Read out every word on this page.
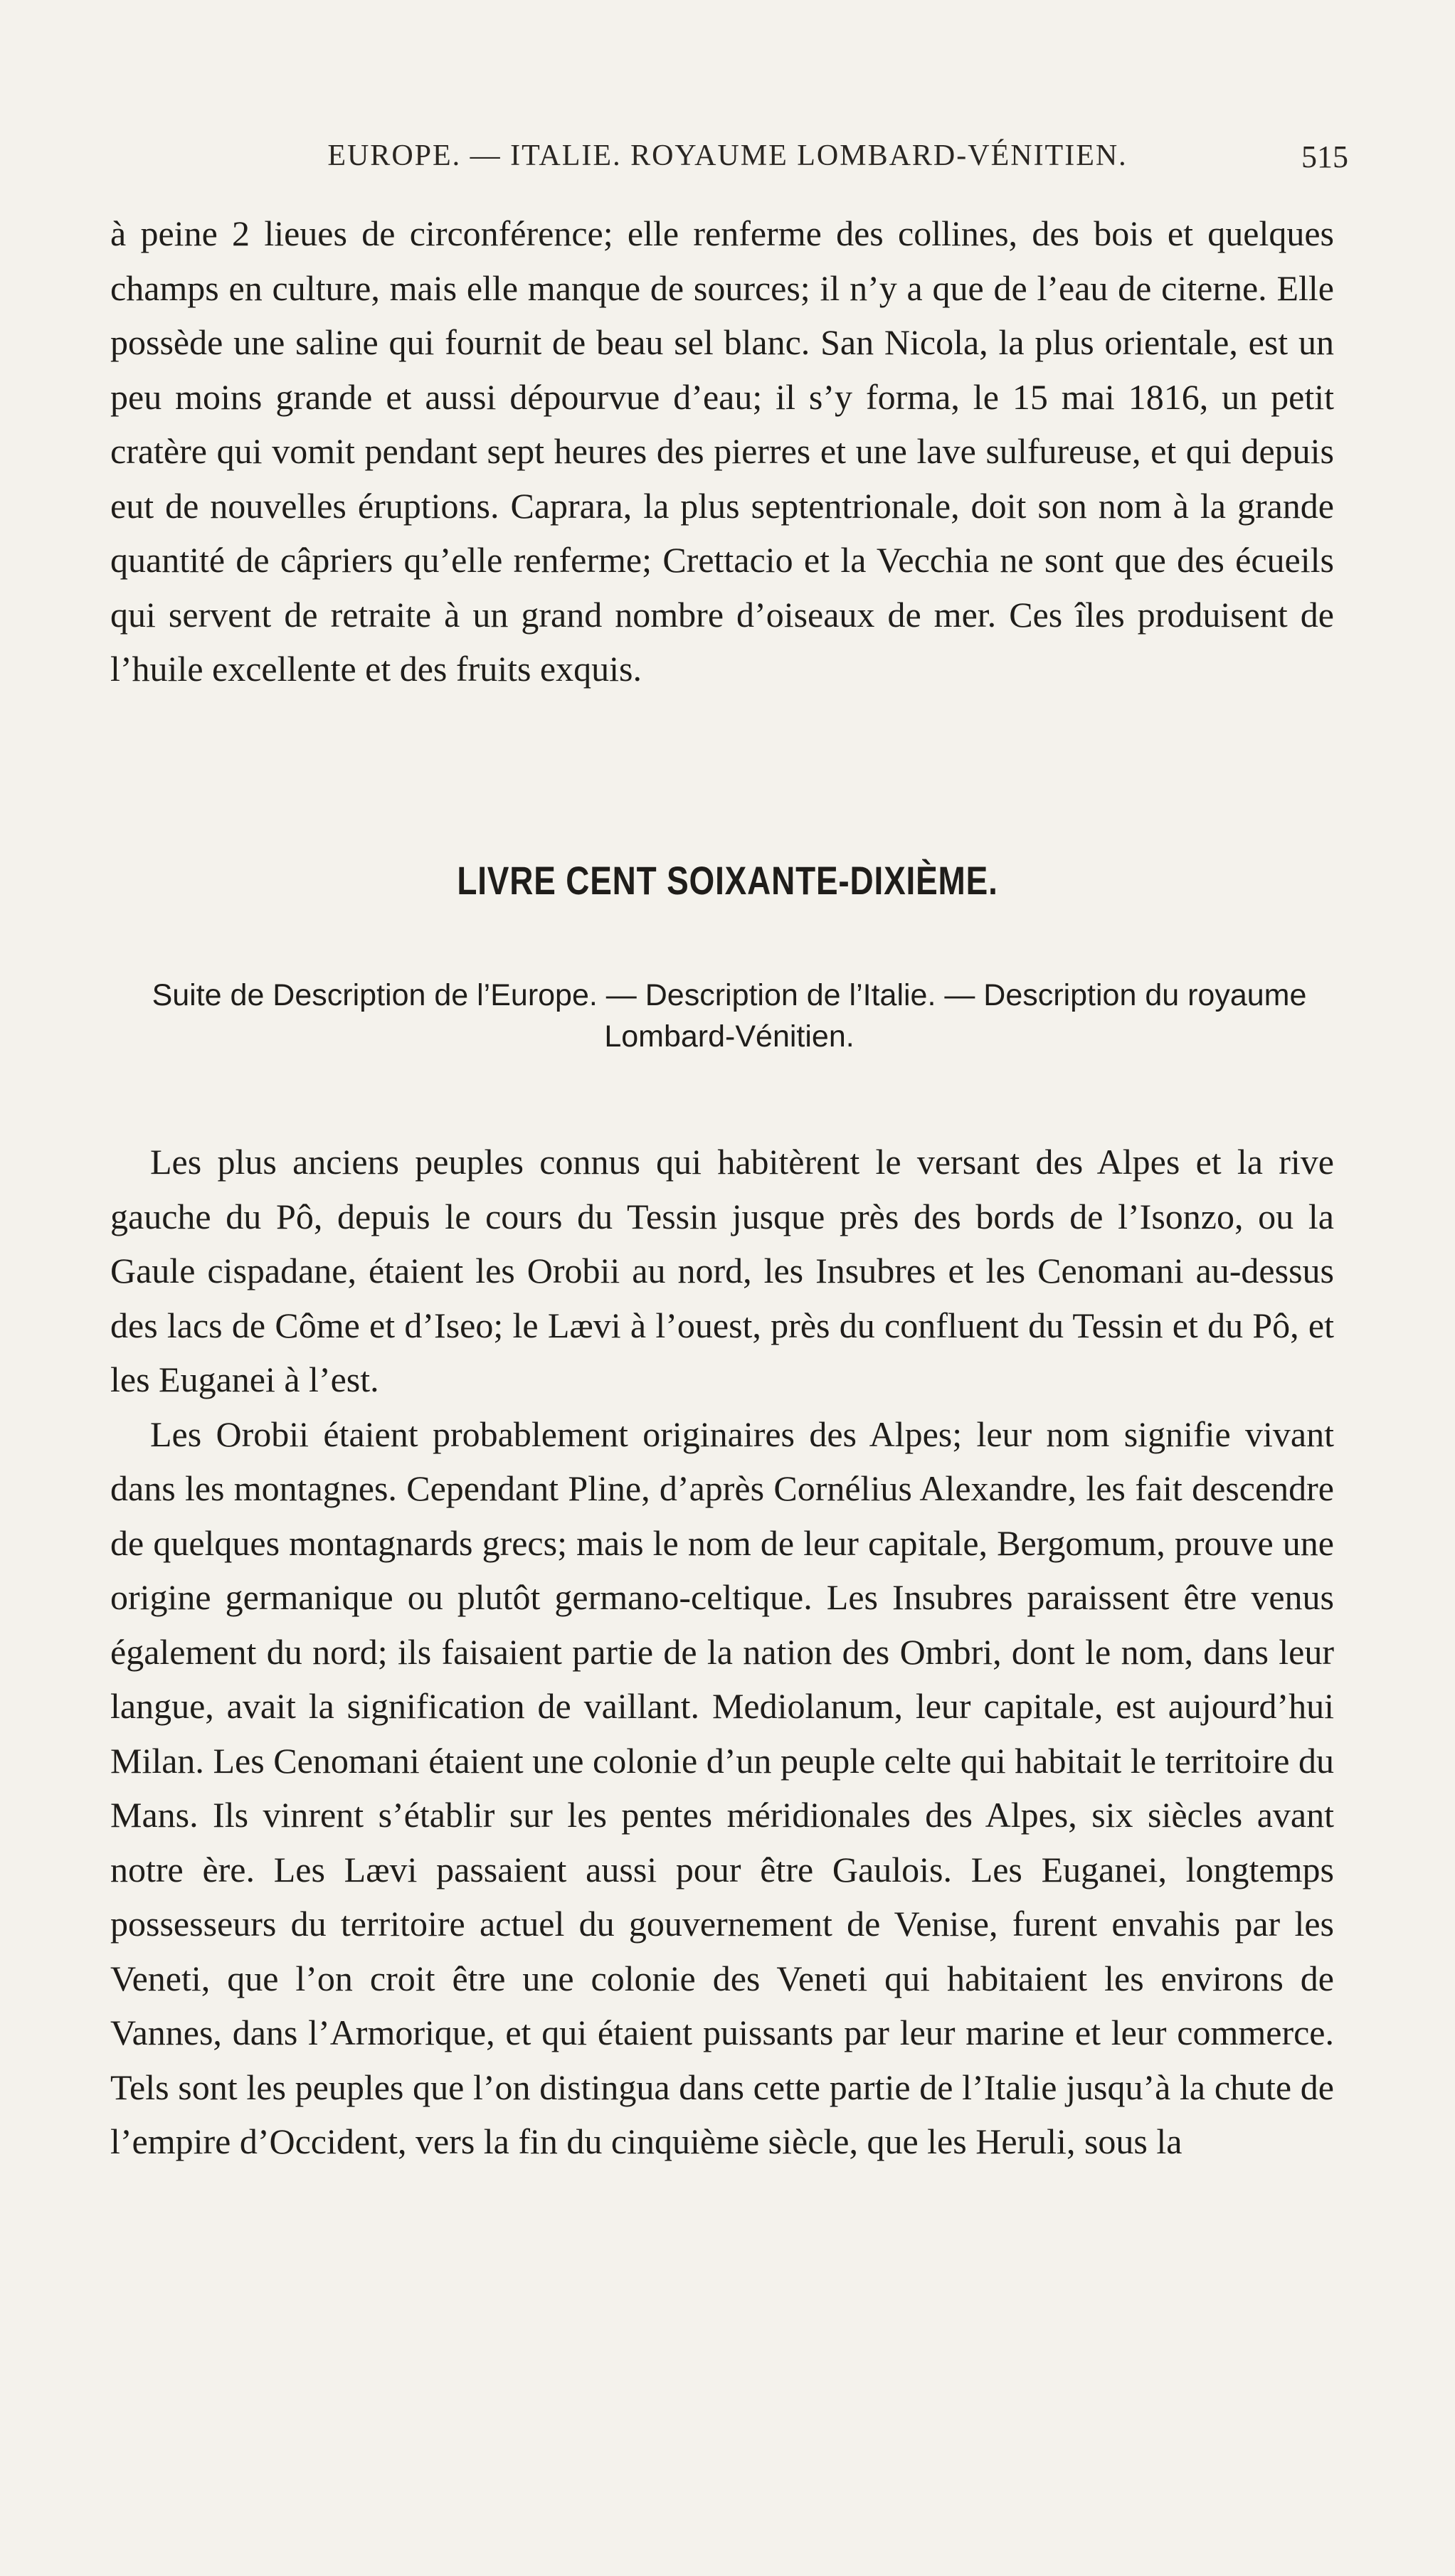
EUROPE. — ITALIE. ROYAUME LOMBARD-VÉNITIEN.	515

à peine 2 lieues de circonférence; elle renferme des collines, des bois et quelques champs en culture, mais elle manque de sources; il n’y a que de l’eau de citerne. Elle possède une saline qui fournit de beau sel blanc. San Nicola, la plus orientale, est un peu moins grande et aussi dépourvue d’eau; il s’y forma, le 15 mai 1816, un petit cratère qui vomit pendant sept heures des pierres et une lave sulfureuse, et qui depuis eut de nouvelles éruptions. Caprara, la plus septentrionale, doit son nom à la grande quantité de câpriers qu’elle renferme; Crettacio et la Vecchia ne sont que des écueils qui servent de retraite à un grand nombre d’oiseaux de mer. Ces îles produisent de l’huile excellente et des fruits exquis.

LIVRE CENT SOIXANTE-DIXIÈME.
Suite de Description de l’Europe. — Description de l’Italie. — Description du royaume Lombard-Vénitien.

Les plus anciens peuples connus qui habitèrent le versant des Alpes et la rive gauche du Pô, depuis le cours du Tessin jusque près des bords de l’Isonzo, ou la Gaule cispadane, étaient les Orobii au nord, les Insubres et les Cenomani au-dessus des lacs de Côme et d’Iseo; le Lævi à l’ouest, près du confluent du Tessin et du Pô, et les Euganei à l’est.

Les Orobii étaient probablement originaires des Alpes; leur nom signifie vivant dans les montagnes. Cependant Pline, d’après Cornélius Alexandre, les fait descendre de quelques montagnards grecs; mais le nom de leur capitale, Bergomum, prouve une origine germanique ou plutôt germano-celtique. Les Insubres paraissent être venus également du nord; ils faisaient partie de la nation des Ombri, dont le nom, dans leur langue, avait la signification de vaillant. Mediolanum, leur capitale, est aujourd’hui Milan. Les Cenomani étaient une colonie d’un peuple celte qui habitait le territoire du Mans. Ils vinrent s’établir sur les pentes méridionales des Alpes, six siècles avant notre ère. Les Lævi passaient aussi pour être Gaulois. Les Euganei, longtemps possesseurs du territoire actuel du gouvernement de Venise, furent envahis par les Veneti, que l’on croit être une colonie des Veneti qui habitaient les environs de Vannes, dans l’Armorique, et qui étaient puissants par leur marine et leur commerce. Tels sont les peuples que l’on distingua dans cette partie de l’Italie jusqu’à la chute de l’empire d’Occident, vers la fin du cinquième siècle, que les Heruli, sous la
